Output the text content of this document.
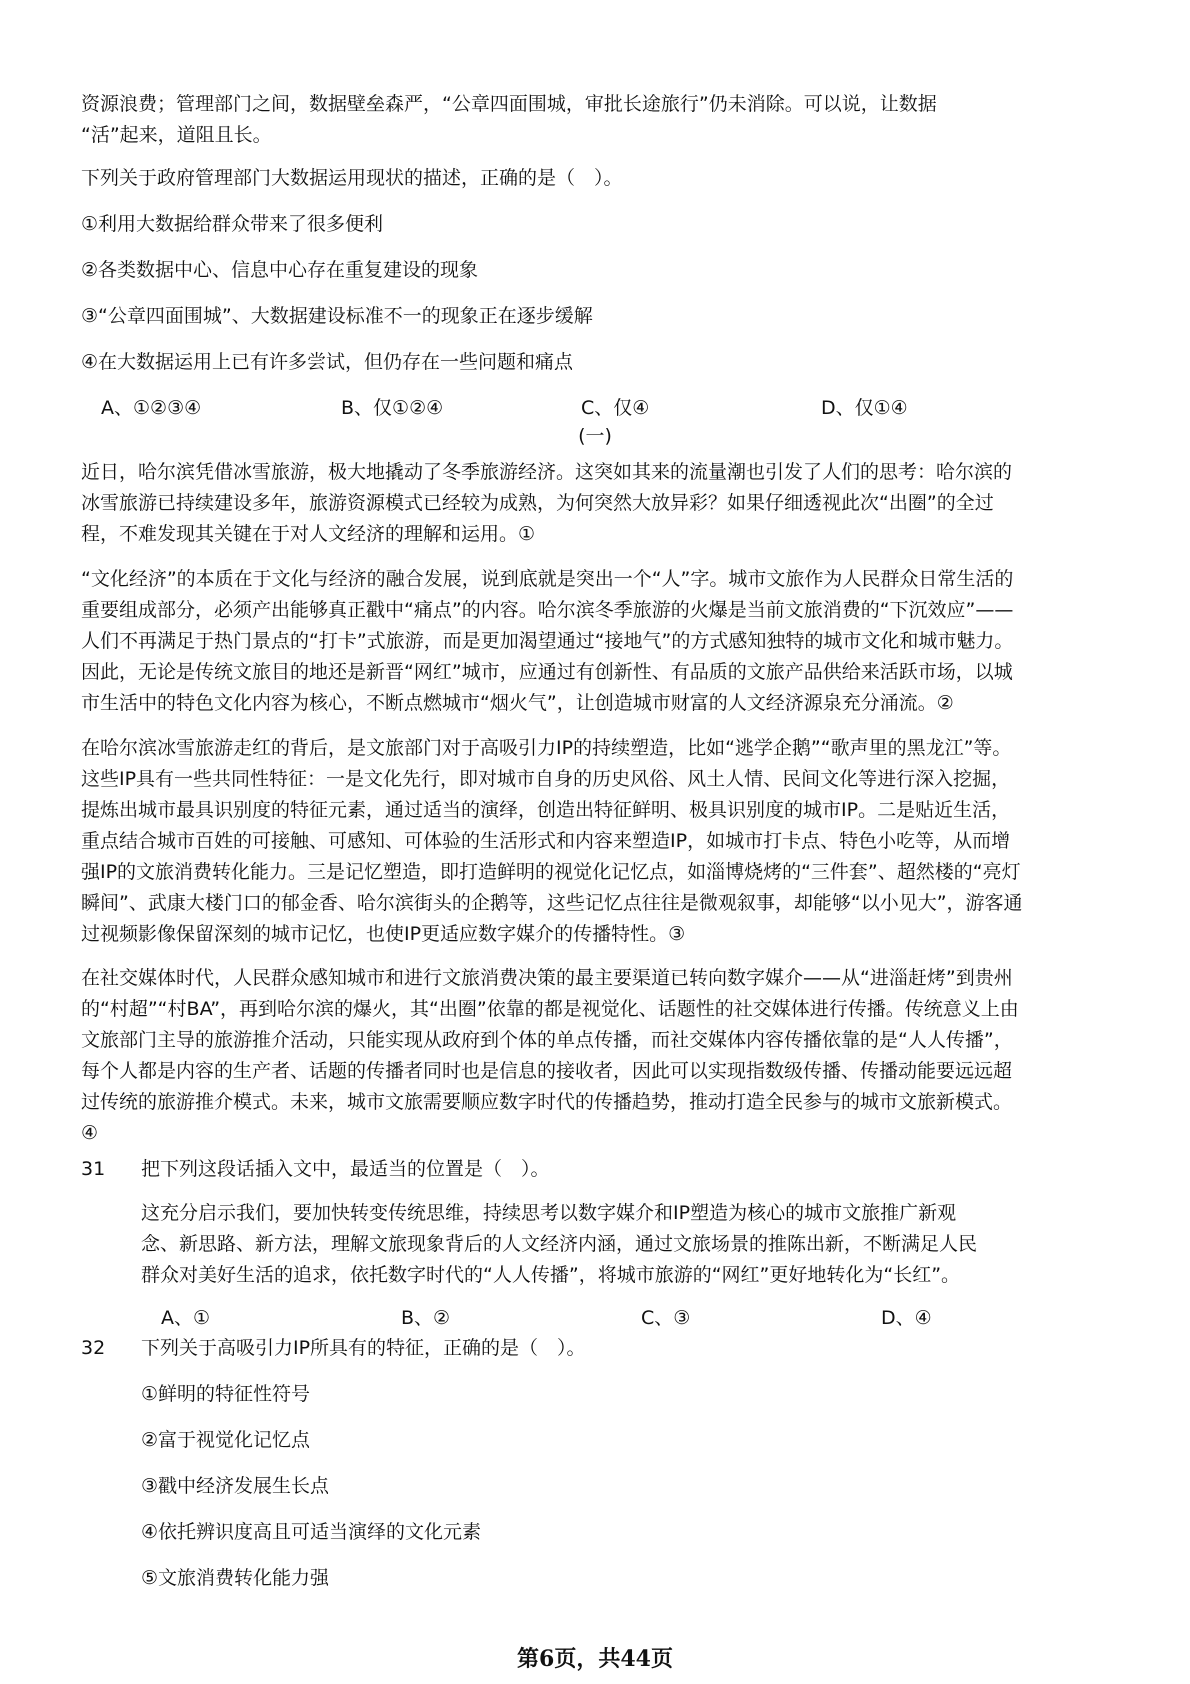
资源浪费；管理部门之间，数据壁垒森严，“公章四面围城，审批长途旅行”仍未消除。可以说，让数据
“活”起来，道阻且长。
下列关于政府管理部门大数据运用现状的描述，正确的是（　）。
①利用大数据给群众带来了很多便利
②各类数据中心、信息中心存在重复建设的现象
③“公章四面围城”、大数据建设标准不一的现象正在逐步缓解
④在大数据运用上已有许多尝试，但仍存在一些问题和痛点
A、①②③④	B、仅①②④	C、仅④	D、仅①④
(一)
近日，哈尔滨凭借冰雪旅游，极大地撬动了冬季旅游经济。这突如其来的流量潮也引发了人们的思考：哈尔滨的
冰雪旅游已持续建设多年，旅游资源模式已经较为成熟，为何突然大放异彩？如果仔细透视此次“出圈”的全过
程，不难发现其关键在于对人文经济的理解和运用。①
“文化经济”的本质在于文化与经济的融合发展，说到底就是突出一个“人”字。城市文旅作为人民群众日常生活的
重要组成部分，必须产出能够真正戳中“痛点”的内容。哈尔滨冬季旅游的火爆是当前文旅消费的“下沉效应”——
人们不再满足于热门景点的“打卡”式旅游，而是更加渴望通过“接地气”的方式感知独特的城市文化和城市魅力。
因此，无论是传统文旅目的地还是新晋“网红”城市，应通过有创新性、有品质的文旅产品供给来活跃市场，以城
市生活中的特色文化内容为核心，不断点燃城市“烟火气”，让创造城市财富的人文经济源泉充分涌流。②
在哈尔滨冰雪旅游走红的背后，是文旅部门对于高吸引力IP的持续塑造，比如“逃学企鹅”“歌声里的黑龙江”等。
这些IP具有一些共同性特征：一是文化先行，即对城市自身的历史风俗、风土人情、民间文化等进行深入挖掘，
提炼出城市最具识别度的特征元素，通过适当的演绎，创造出特征鲜明、极具识别度的城市IP。二是贴近生活，
重点结合城市百姓的可接触、可感知、可体验的生活形式和内容来塑造IP，如城市打卡点、特色小吃等，从而增
强IP的文旅消费转化能力。三是记忆塑造，即打造鲜明的视觉化记忆点，如淄博烧烤的“三件套”、超然楼的“亮灯
瞬间”、武康大楼门口的郁金香、哈尔滨街头的企鹅等，这些记忆点往往是微观叙事，却能够“以小见大”，游客通
过视频影像保留深刻的城市记忆，也使IP更适应数字媒介的传播特性。③
在社交媒体时代，人民群众感知城市和进行文旅消费决策的最主要渠道已转向数字媒介——从“进淄赶烤”到贵州
的“村超”“村BA”，再到哈尔滨的爆火，其“出圈”依靠的都是视觉化、话题性的社交媒体进行传播。传统意义上由
文旅部门主导的旅游推介活动，只能实现从政府到个体的单点传播，而社交媒体内容传播依靠的是“人人传播”，
每个人都是内容的生产者、话题的传播者同时也是信息的接收者，因此可以实现指数级传播、传播动能要远远超
过传统的旅游推介模式。未来，城市文旅需要顺应数字时代的传播趋势，推动打造全民参与的城市文旅新模式。
④
31 把下列这段话插入文中，最适当的位置是（　）。
这充分启示我们，要加快转变传统思维，持续思考以数字媒介和IP塑造为核心的城市文旅推广新观
念、新思路、新方法，理解文旅现象背后的人文经济内涵，通过文旅场景的推陈出新，不断满足人民
群众对美好生活的追求，依托数字时代的“人人传播”，将城市旅游的“网红”更好地转化为“长红”。
A、①	B、②	C、③	D、④
32 下列关于高吸引力IP所具有的特征，正确的是（　）。
①鲜明的特征性符号
②富于视觉化记忆点
③戳中经济发展生长点
④依托辨识度高且可适当演绎的文化元素
⑤文旅消费转化能力强
第6页，共44页
